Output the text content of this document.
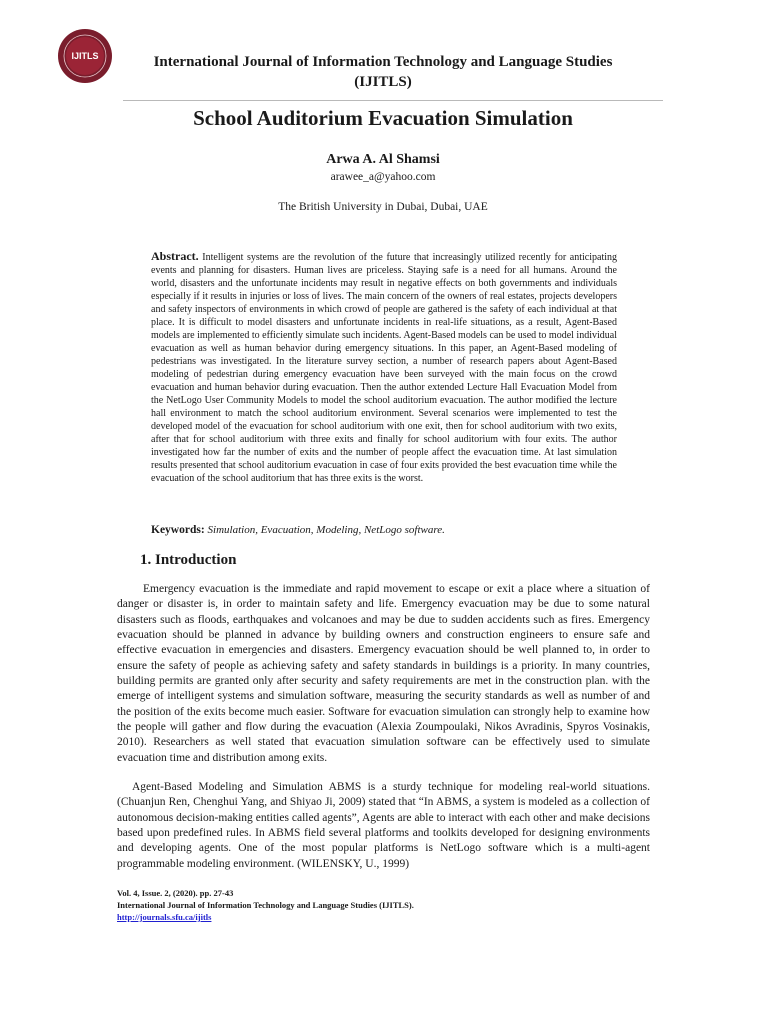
IJITLS	International Journal of Information Technology and Language Studies
(IJITLS)
School Auditorium Evacuation Simulation
Arwa A. Al Shamsi
arawee_a@yahoo.com
The British University in Dubai, Dubai, UAE
Abstract. Intelligent systems are the revolution of the future that increasingly utilized recently for anticipating events and planning for disasters. Human lives are priceless. Staying safe is a need for all humans. Around the world, disasters and the unfortunate incidents may result in negative effects on both governments and individuals especially if it results in injuries or loss of lives. The main concern of the owners of real estates, projects developers and safety inspectors of environments in which crowd of people are gathered is the safety of each individual at that place. It is difficult to model disasters and unfortunate incidents in real-life situations, as a result, Agent-Based models are implemented to efficiently simulate such incidents. Agent-Based models can be used to model individual evacuation as well as human behavior during emergency situations. In this paper, an Agent-Based modeling of pedestrians was investigated. In the literature survey section, a number of research papers about Agent-Based modeling of pedestrian during emergency evacuation have been surveyed with the main focus on the crowd evacuation and human behavior during evacuation. Then the author extended Lecture Hall Evacuation Model from the NetLogo User Community Models to model the school auditorium evacuation. The author modified the lecture hall environment to match the school auditorium environment. Several scenarios were implemented to test the developed model of the evacuation for school auditorium with one exit, then for school auditorium with two exits, after that for school auditorium with three exits and finally for school auditorium with four exits. The author investigated how far the number of exits and the number of people affect the evacuation time. At last simulation results presented that school auditorium evacuation in case of four exits provided the best evacuation time while the evacuation of the school auditorium that has three exits is the worst.
Keywords: Simulation, Evacuation, Modeling, NetLogo software.
1. Introduction

Emergency evacuation is the immediate and rapid movement to escape or exit a place where a situation of danger or disaster is, in order to maintain safety and life. Emergency evacuation may be due to some natural disasters such as floods, earthquakes and volcanoes and may be due to sudden accidents such as fires. Emergency evacuation should be planned in advance by building owners and construction engineers to ensure safe and effective evacuation in emergencies and disasters. Emergency evacuation should be well planned to, in order to ensure the safety of people as achieving safety and safety standards in buildings is a priority. In many countries, building permits are granted only after security and safety requirements are met in the construction plan. with the emerge of intelligent systems and simulation software, measuring the security standards as well as number of and the position of the exits become much easier. Software for evacuation simulation can strongly help to examine how the people will gather and flow during the evacuation (Alexia Zoumpoulaki, Nikos Avradinis, Spyros Vosinakis, 2010). Researchers as well stated that evacuation simulation software can be effectively used to simulate evacuation time and distribution among exits.

Agent-Based Modeling and Simulation ABMS is a sturdy technique for modeling real-world situations. (Chuanjun Ren, Chenghui Yang, and Shiyao Ji, 2009) stated that “In ABMS, a system is modeled as a collection of autonomous decision-making entities called agents”, Agents are able to interact with each other and make decisions based upon predefined rules. In ABMS field several platforms and toolkits developed for designing environments and developing agents. One of the most popular platforms is NetLogo software which is a multi-agent programmable modeling environment. (WILENSKY, U., 1999)

Vol. 4, Issue. 2, (2020). pp. 27-43
International Journal of Information Technology and Language Studies (IJITLS).
http://journals.sfu.ca/ijitls
